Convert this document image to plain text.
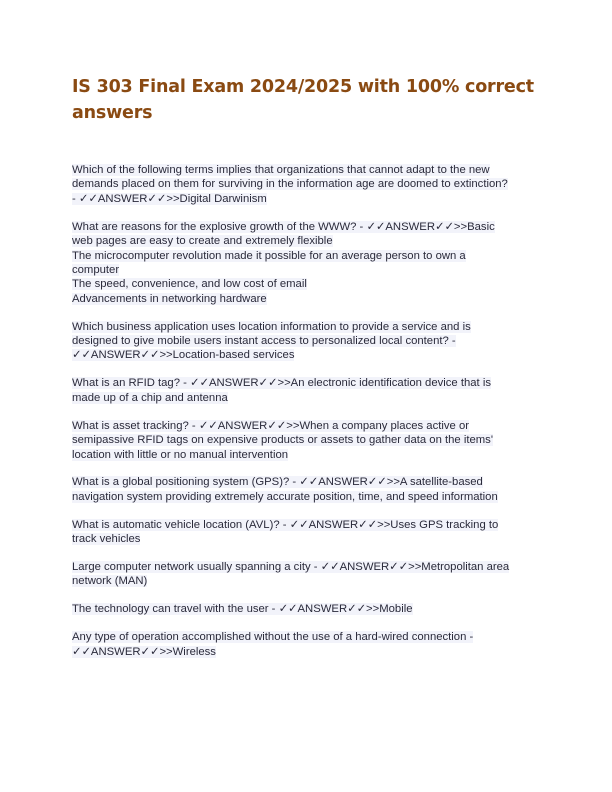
IS 303 Final Exam 2024/2025 with 100% correct answers
Which of the following terms implies that organizations that cannot adapt to the new
demands placed on them for surviving in the information age are doomed to extinction?
- ✓✓ANSWER✓✓>>Digital Darwinism
What are reasons for the explosive growth of the WWW? - ✓✓ANSWER✓✓>>Basic
web pages are easy to create and extremely flexible
The microcomputer revolution made it possible for an average person to own a
computer
The speed, convenience, and low cost of email
Advancements in networking hardware
Which business application uses location information to provide a service and is
designed to give mobile users instant access to personalized local content? -
✓✓ANSWER✓✓>>Location-based services
What is an RFID tag? - ✓✓ANSWER✓✓>>An electronic identification device that is
made up of a chip and antenna
What is asset tracking? - ✓✓ANSWER✓✓>>When a company places active or
semipassive RFID tags on expensive products or assets to gather data on the items'
location with little or no manual intervention
What is a global positioning system (GPS)? - ✓✓ANSWER✓✓>>A satellite-based
navigation system providing extremely accurate position, time, and speed information
What is automatic vehicle location (AVL)? - ✓✓ANSWER✓✓>>Uses GPS tracking to
track vehicles
Large computer network usually spanning a city - ✓✓ANSWER✓✓>>Metropolitan area
network (MAN)
The technology can travel with the user - ✓✓ANSWER✓✓>>Mobile
Any type of operation accomplished without the use of a hard-wired connection -
✓✓ANSWER✓✓>>Wireless
